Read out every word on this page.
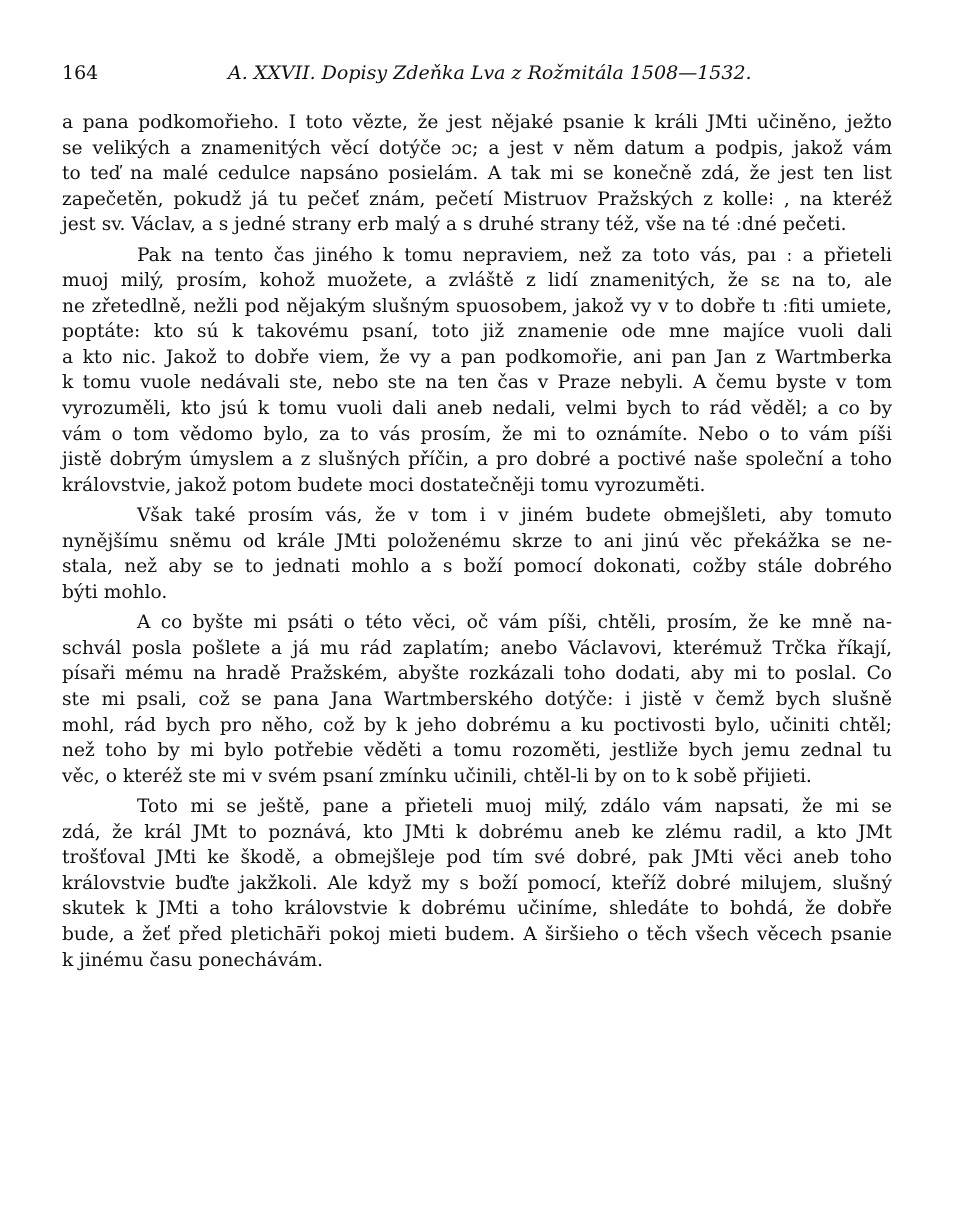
164	A. XXVII. Dopisy Zdeňka Lva z Rožmitála 1508—1532.
a pana podkomořieho. I toto vězte, že jest nějaké psanie k králi JMti učiněno, ježto
se velikých a znamenitých věcí dotýče ɔc; a jest v něm datum a podpis, jakož vám
to teď na malé cedulce napsáno posielám. A tak mi se konečně zdá, že jest ten list
zapečetěn, pokudž já tu pečeť znám, pečetí Mistruov Pražských z kolle⁝ , na kteréž
jest sv. Václav, a s jedné strany erb malý a s druhé strany též, vše na té ːdné pečeti.
Pak na tento čas jiného k tomu nepraviem, než za toto vás, paı ː a přieteli
muoj milý, prosím, kohož muožete, a zvláště z lidí znamenitých, že sɛ na to, ale
ne zřetedlně, nežli pod nějakým slušným spuosobem, jakož vy v to dobře tı ːfiti umiete,
poptáte: kto sú k takovému psaní, toto již znamenie ode mne majíce vuoli dali
a kto nic. Jakož to dobře viem, že vy a pan podkomořie, ani pan Jan z Wartmberka
k tomu vuole nedávali ste, nebo ste na ten čas v Praze nebyli. A čemu byste v tom
vyrozuměli, kto jsú k tomu vuoli dali aneb nedali, velmi bych to rád věděl; a co by
vám o tom vědomo bylo, za to vás prosím, že mi to oznámíte. Nebo o to vám píši
jistě dobrým úmyslem a z slušných příčin, a pro dobré a poctivé naše společní a toho
královstvie, jakož potom budete moci dostatečněji tomu vyrozuměti.
Však také prosím vás, že v tom i v jiném budete obmejšleti, aby tomuto
nynějšímu sněmu od krále JMti položenému skrze to ani jinú věc překážka se ne-
stala, než aby se to jednati mohlo a s boží pomocí dokonati, cožby stále dobrého
býti mohlo.
A co byšte mi psáti o této věci, oč vám píši, chtěli, prosím, že ke mně na-
schvál posla pošlete a já mu rád zaplatím; anebo Václavovi, kterémuž Trčka říkají,
písaři mému na hradě Pražském, abyšte rozkázali toho dodati, aby mi to poslal. Co
ste mi psali, což se pana Jana Wartmberského dotýče: i jistě v čemž bych slušně
mohl, rád bych pro něho, což by k jeho dobrému a ku poctivosti bylo, učiniti chtěl;
než toho by mi bylo potřebie věděti a tomu rozoměti, jestliže bych jemu zednal tu
věc, o kteréž ste mi v svém psaní zmínku učinili, chtěl-li by on to k sobě přijieti.
Toto mi se ještě, pane a přieteli muoj milý, zdálo vám napsati, že mi se
zdá, že král JMt to poznává, kto JMti k dobrému aneb ke zlému radil, a kto JMt
trošťoval JMti ke škodě, a obmejšleje pod tím své dobré, pak JMti věci aneb toho
královstvie buďte jakžkoli. Ale když my s boží pomocí, kteříž dobré milujem, slušný
skutek k JMti a toho královstvie k dobrému učiníme, shledáte to bohdá, že dobře
bude, a žeť před pletichāři pokoj mieti budem. A širšieho o těch všech věcech psanie
k jinému času ponechávám.
